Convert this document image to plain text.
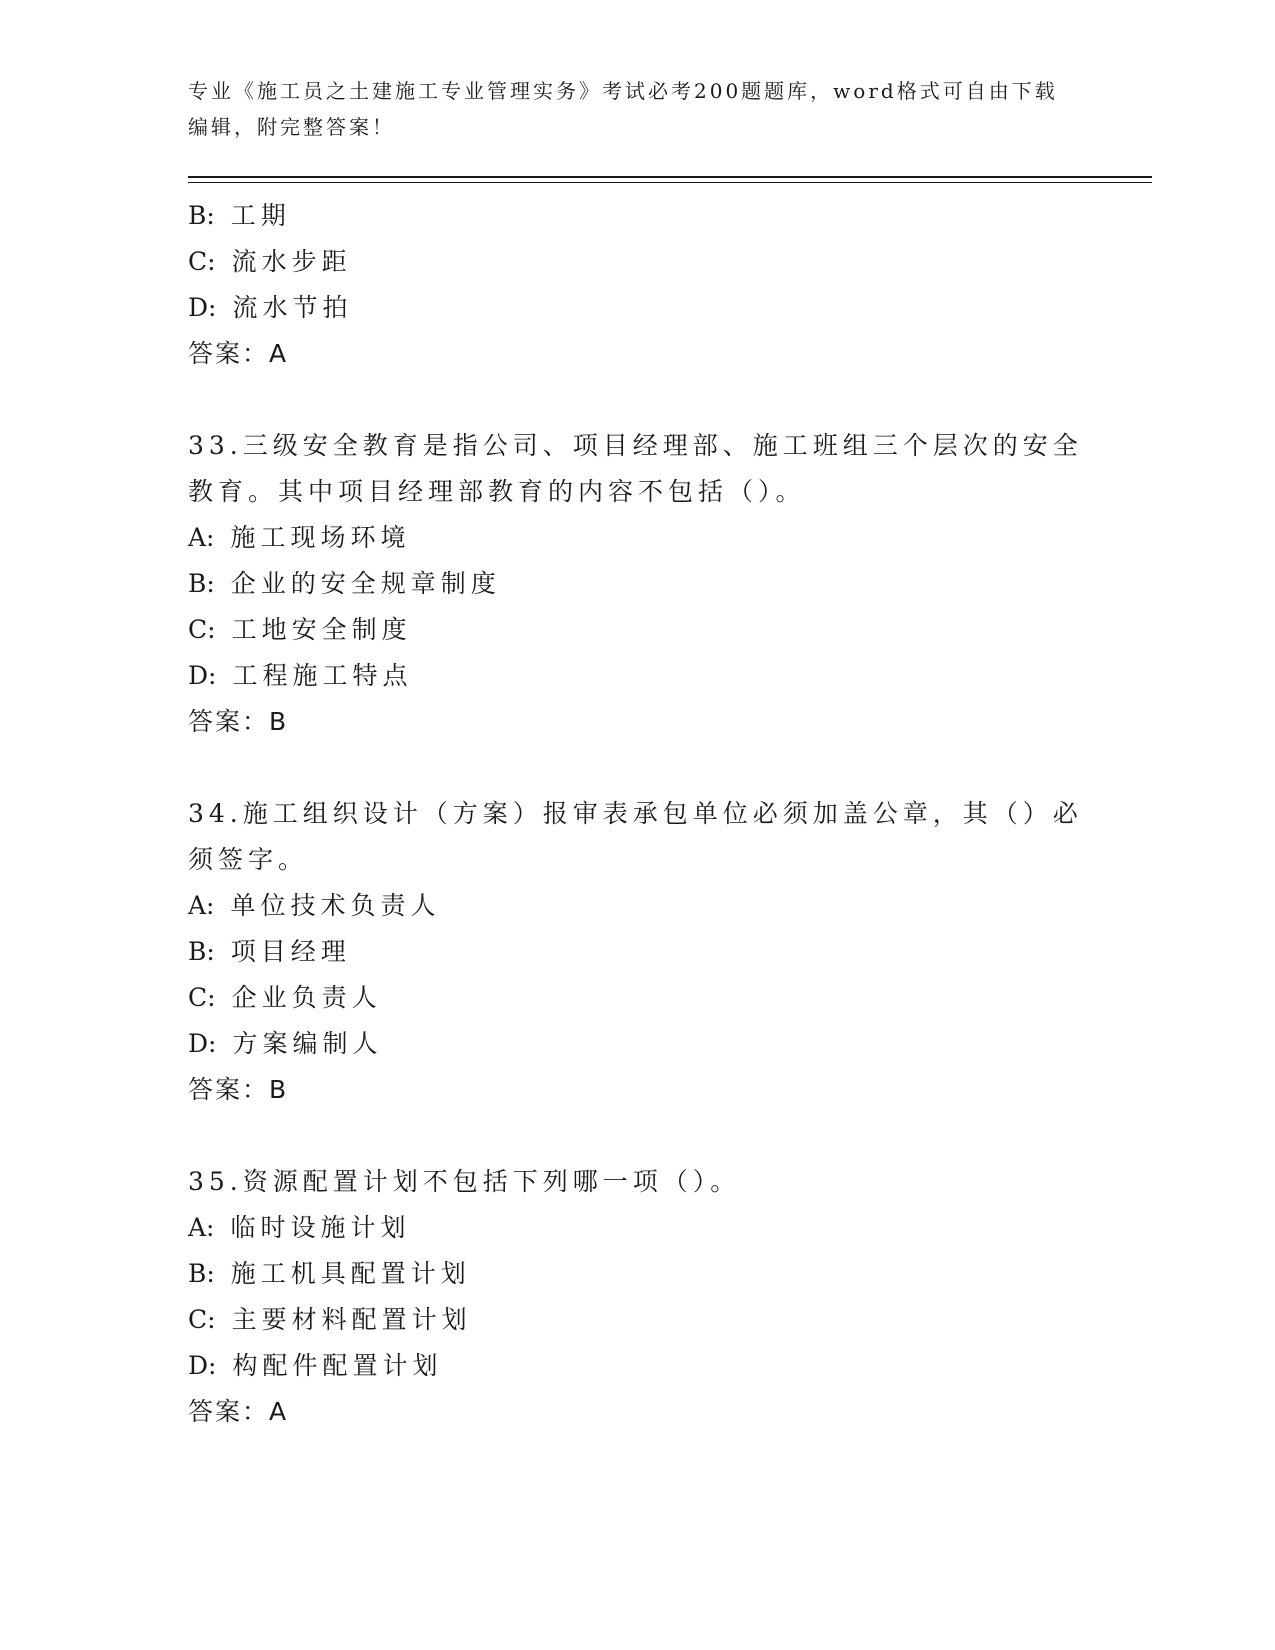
专业《施工员之土建施工专业管理实务》考试必考200题题库，word格式可自由下载编辑，附完整答案！
B: 工期
C: 流水步距
D: 流水节拍
答案：A
33.三级安全教育是指公司、项目经理部、施工班组三个层次的安全教育。其中项目经理部教育的内容不包括（）。
A: 施工现场环境
B: 企业的安全规章制度
C: 工地安全制度
D: 工程施工特点
答案：B
34.施工组织设计（方案）报审表承包单位必须加盖公章，其（）必须签字。
A: 单位技术负责人
B: 项目经理
C: 企业负责人
D: 方案编制人
答案：B
35.资源配置计划不包括下列哪一项（）。
A: 临时设施计划
B: 施工机具配置计划
C: 主要材料配置计划
D: 构配件配置计划
答案：A
